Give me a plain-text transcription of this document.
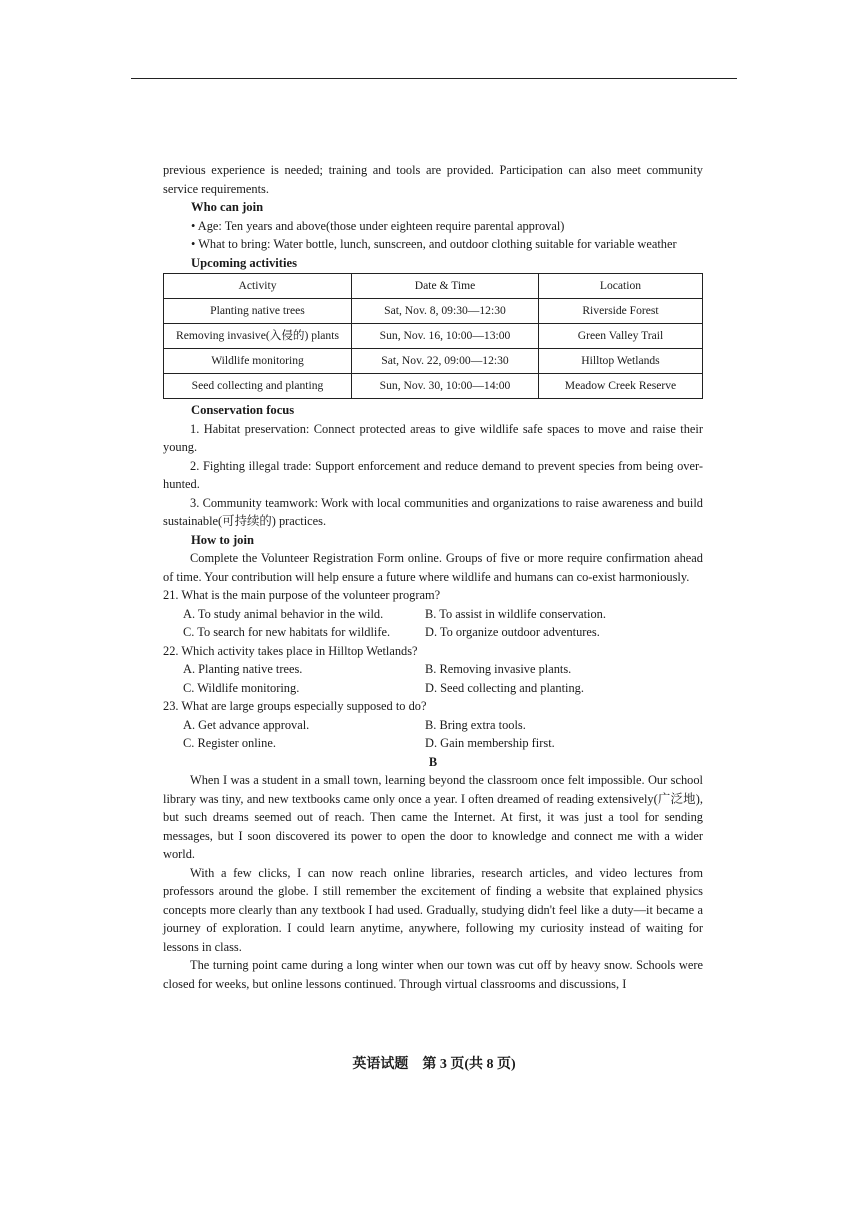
previous experience is needed; training and tools are provided. Participation can also meet community service requirements.

Who can join

• Age: Ten years and above(those under eighteen require parental approval)

• What to bring: Water bottle, lunch, sunscreen, and outdoor clothing suitable for variable weather

Upcoming activities

Activity	Date & Time	Location
Planting native trees	Sat, Nov. 8, 09:30—12:30	Riverside Forest
Removing invasive(入侵的) plants	Sun, Nov. 16, 10:00—13:00	Green Valley Trail
Wildlife monitoring	Sat, Nov. 22, 09:00—12:30	Hilltop Wetlands
Seed collecting and planting	Sun, Nov. 30, 10:00—14:00	Meadow Creek Reserve

Conservation focus

1. Habitat preservation: Connect protected areas to give wildlife safe spaces to move and raise their young.

2. Fighting illegal trade: Support enforcement and reduce demand to prevent species from being over-hunted.

3. Community teamwork: Work with local communities and organizations to raise awareness and build sustainable(可持续的) practices.

How to join

Complete the Volunteer Registration Form online. Groups of five or more require confirmation ahead of time. Your contribution will help ensure a future where wildlife and humans can co-exist harmoniously.

21. What is the main purpose of the volunteer program?

A. To study animal behavior in the wild.	B. To assist in wildlife conservation.
C. To search for new habitats for wildlife.	D. To organize outdoor adventures.

22. Which activity takes place in Hilltop Wetlands?

A. Planting native trees.	B. Removing invasive plants.
C. Wildlife monitoring.	D. Seed collecting and planting.

23. What are large groups especially supposed to do?

A. Get advance approval.	B. Bring extra tools.
C. Register online.	D. Gain membership first.

B

When I was a student in a small town, learning beyond the classroom once felt impossible. Our school library was tiny, and new textbooks came only once a year. I often dreamed of reading extensively(广泛地), but such dreams seemed out of reach. Then came the Internet. At first, it was just a tool for sending messages, but I soon discovered its power to open the door to knowledge and connect me with a wider world.

With a few clicks, I can now reach online libraries, research articles, and video lectures from professors around the globe. I still remember the excitement of finding a website that explained physics concepts more clearly than any textbook I had used. Gradually, studying didn't feel like a duty—it became a journey of exploration. I could learn anytime, anywhere, following my curiosity instead of waiting for lessons in class.

The turning point came during a long winter when our town was cut off by heavy snow. Schools were closed for weeks, but online lessons continued. Through virtual classrooms and discussions, I

英语试题　第 3 页(共 8 页)
